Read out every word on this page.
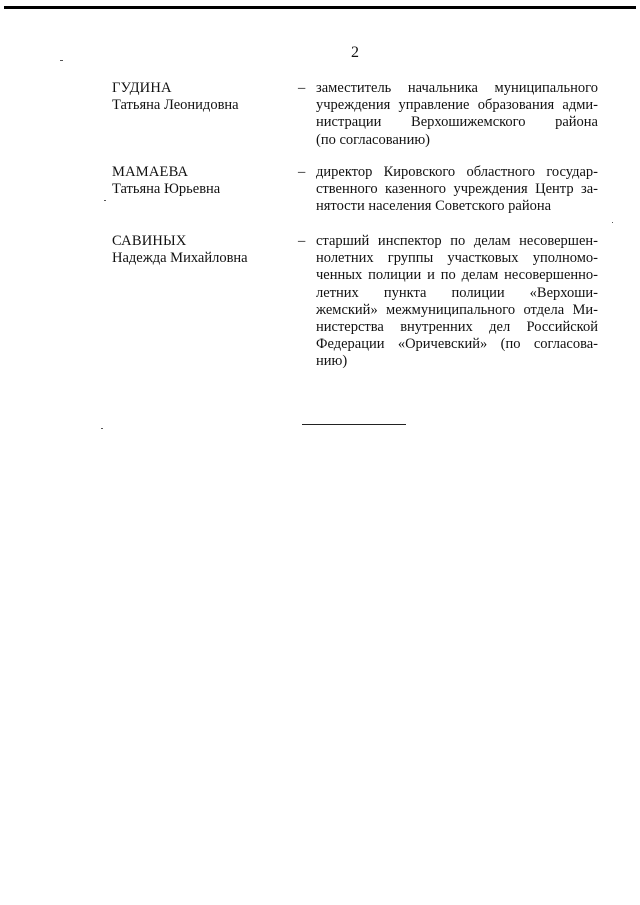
2
ГУДИНА
Татьяна Леонидовна
– заместитель начальника муниципального
учреждения управление образования адми-
нистрации Верхошижемского района
(по согласованию)
МАМАЕВА
Татьяна Юрьевна
– директор Кировского областного государ-
ственного казенного учреждения Центр за-
нятости населения Советского района
САВИНЫХ
Надежда Михайловна
– старший инспектор по делам несовершен-
нолетних группы участковых уполномо-
ченных полиции и по делам несовершенно-
летних пункта полиции «Верхоши-
жемский» межмуниципального отдела Ми-
нистерства внутренних дел Российской
Федерации «Оричевский» (по согласова-
нию)
